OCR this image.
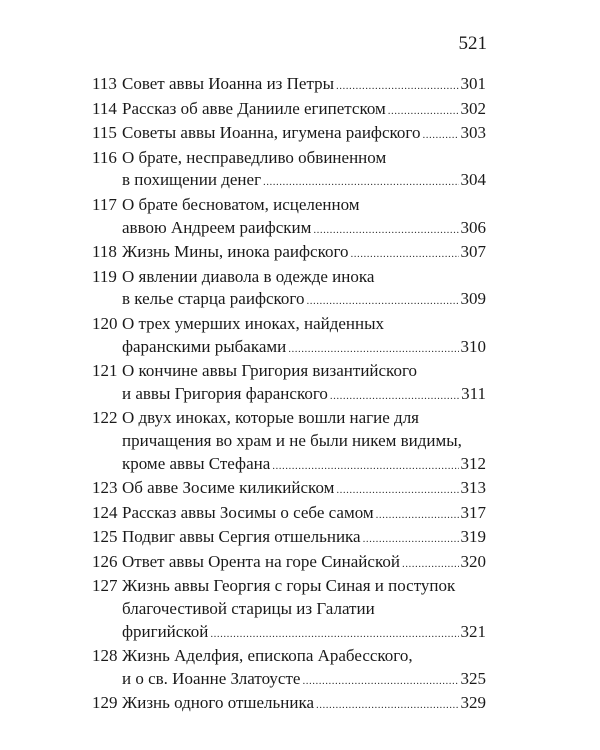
521
113 Совет аввы Иоанна из Петры .....	301
114 Рассказ об авве Данииле египетском .....	302
115 Советы аввы Иоанна, игумена раифского ..... 303
116 О брате, несправедливо обвиненном
в похищении денег .....	304
117 О брате бесноватом, исцеленном
аввою Андреем раифским .....	306
118 Жизнь Мины, инока раифского .....	307
119 О явлении диавола в одежде инока
в келье старца раифского .....	309
120 О трех умерших иноках, найденных
фаранскими рыбаками .....	310
121 О кончине аввы Григория византийского
и аввы Григория фаранского .....	311
122 О двух иноках, которые вошли нагие для
причащения во храм и не были никем видимы,
кроме аввы Стефана .....	312
123 Об авве Зосиме киликийском .....	313
124 Рассказ аввы Зосимы о себе самом .....	317
125 Подвиг аввы Сергия отшельника .....	319
126 Ответ аввы Орента на горе Синайской .....	320
127 Жизнь аввы Георгия с горы Синая и поступок
благочестивой старицы из Галатии
фригийской .....	321
128 Жизнь Аделфия, епископа Арабесского,
и о св. Иоанне Златоусте .....	325
129 Жизнь одного отшельника .....	329
